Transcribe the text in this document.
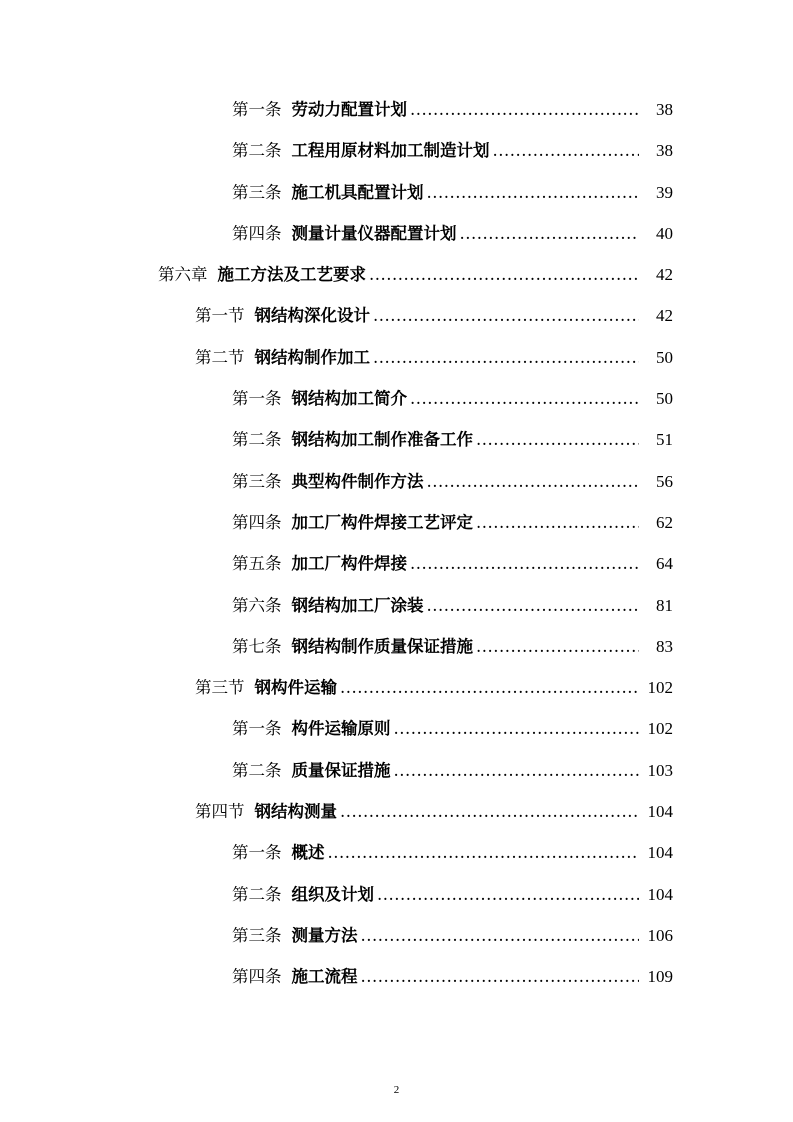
第一条 劳动力配置计划 .....	38
第二条 工程用原材料加工制造计划 .....	38
第三条 施工机具配置计划 .....	39
第四条 测量计量仪器配置计划 .....	40
第六章 施工方法及工艺要求 .....	42
第一节 钢结构深化设计 .....	42
第二节 钢结构制作加工 .....	50
第一条 钢结构加工简介 .....	50
第二条 钢结构加工制作准备工作 .....	51
第三条 典型构件制作方法 .....	56
第四条 加工厂构件焊接工艺评定 .....	62
第五条 加工厂构件焊接 .....	64
第六条 钢结构加工厂涂装 .....	81
第七条 钢结构制作质量保证措施 .....	83
第三节 钢构件运输 .....	102
第一条 构件运输原则 .....	102
第二条 质量保证措施 .....	103
第四节 钢结构测量 .....	104
第一条 概述 .....	104
第二条 组织及计划 .....	104
第三条 测量方法 .....	106
第四条 施工流程 .....	109
2
